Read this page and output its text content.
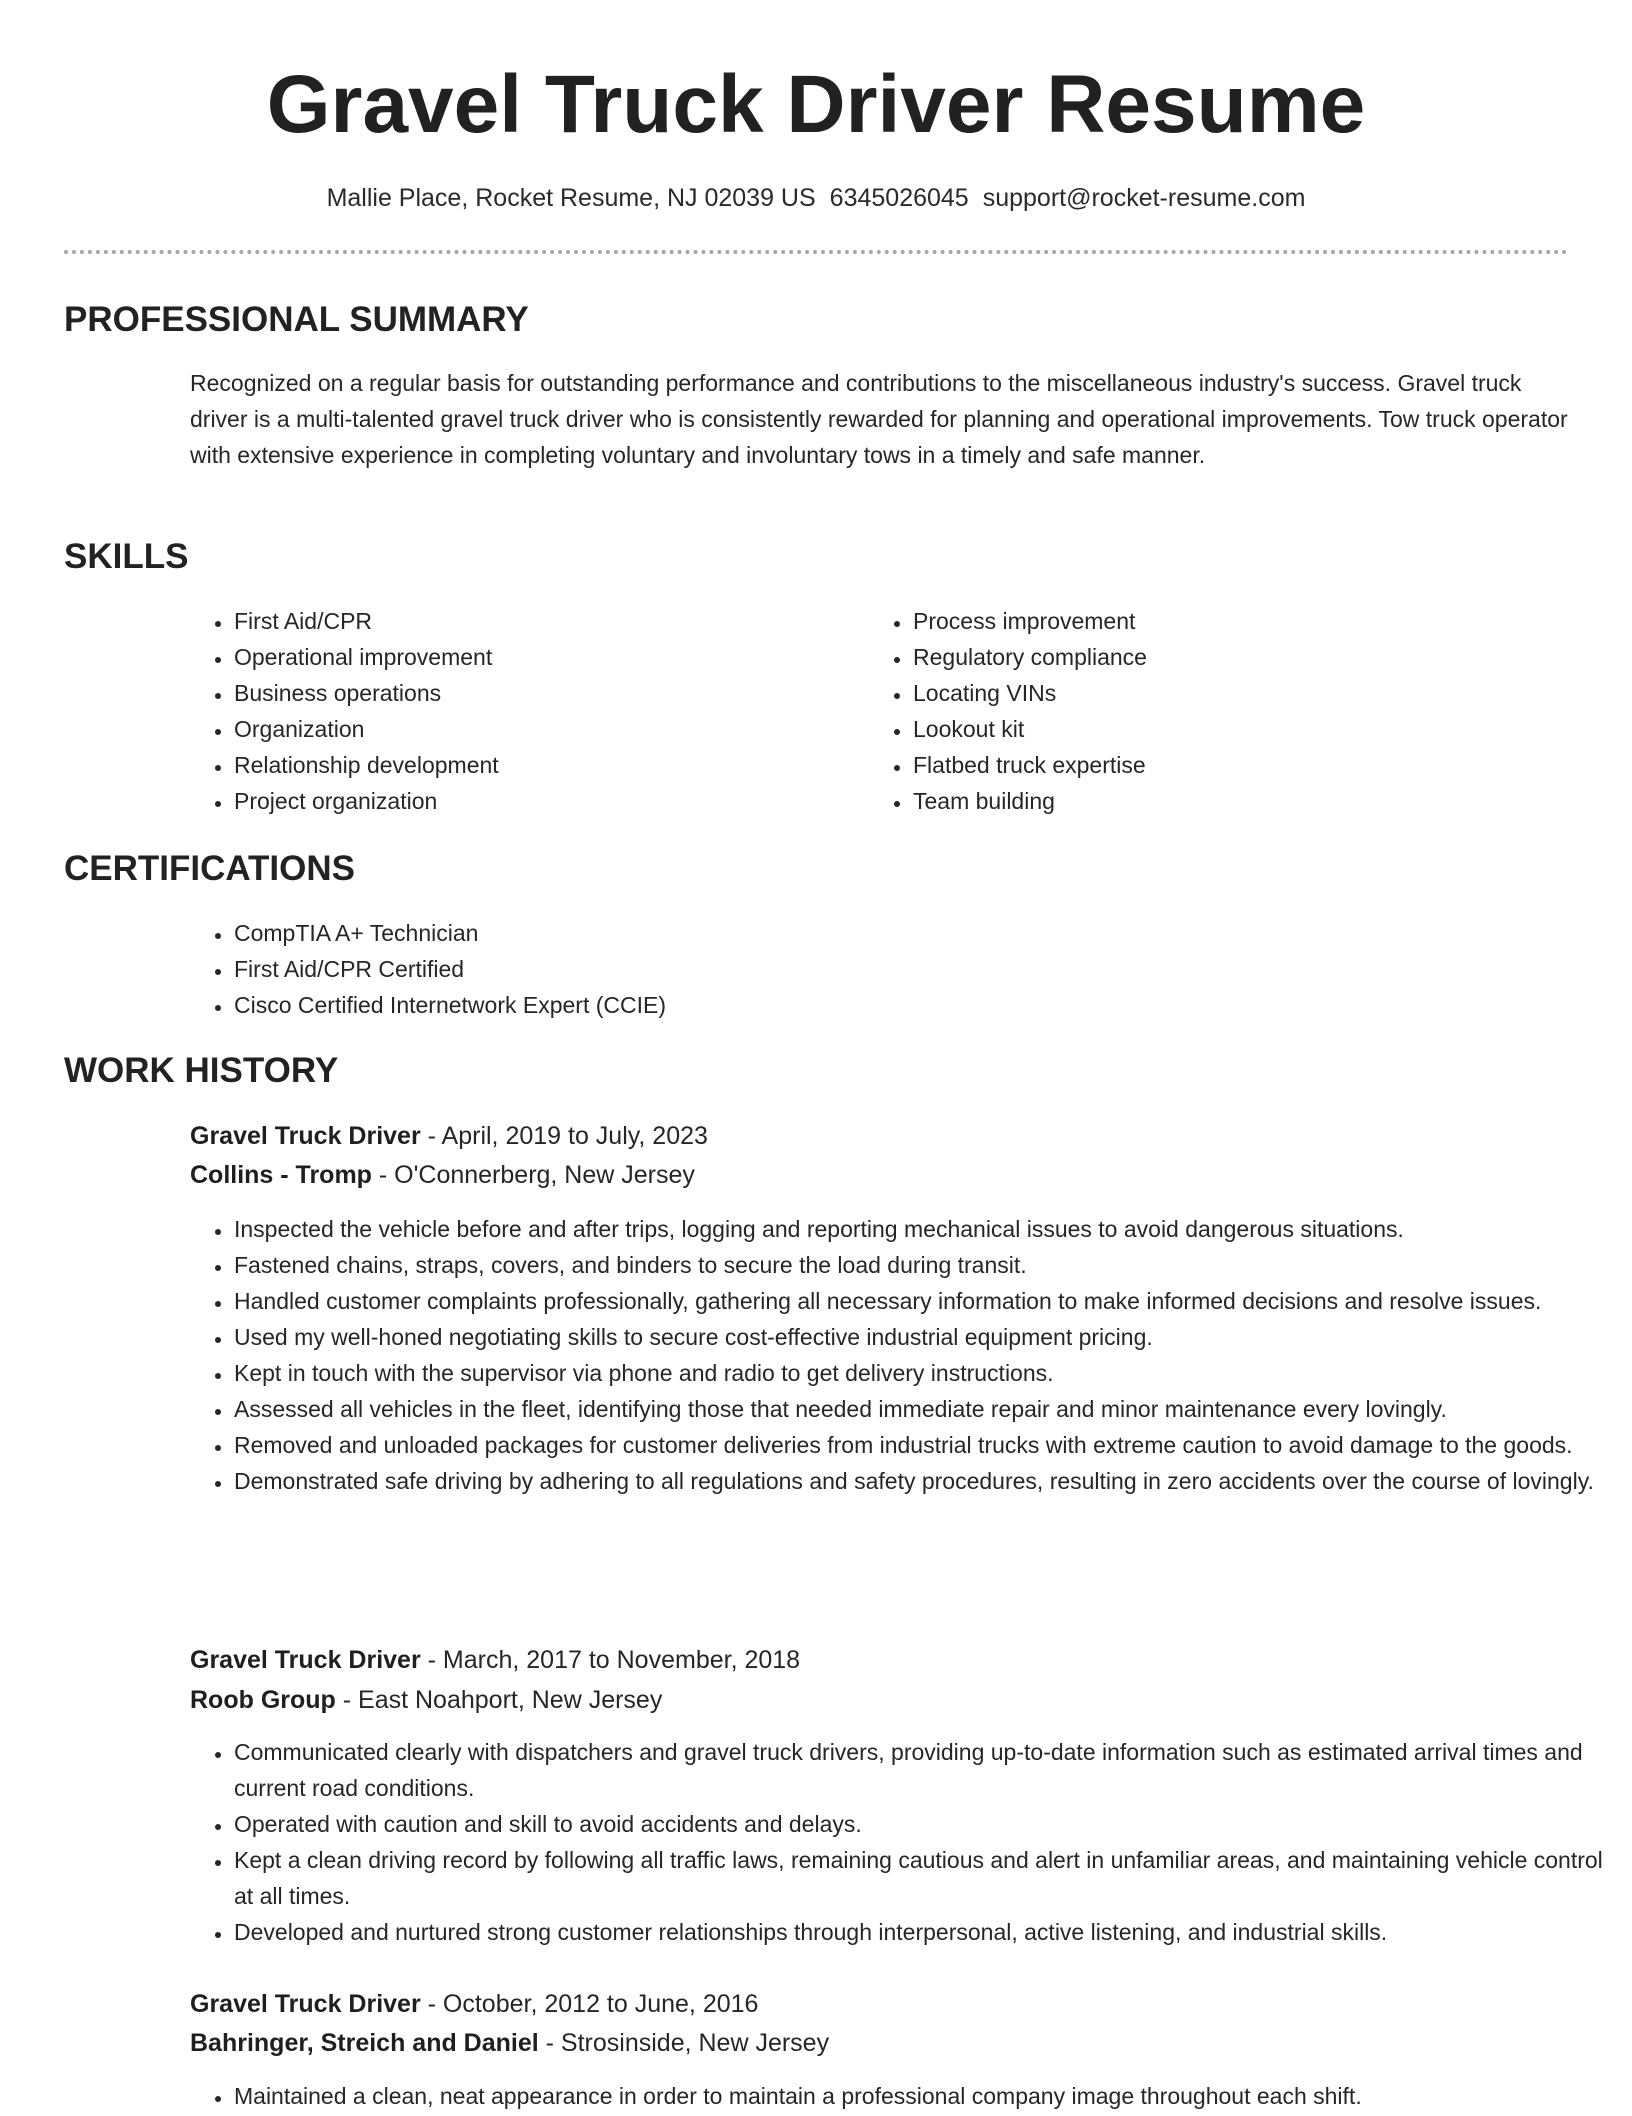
Gravel Truck Driver Resume
Mallie Place, Rocket Resume, NJ 02039 US 6345026045 support@rocket-resume.com
PROFESSIONAL SUMMARY

Recognized on a regular basis for outstanding performance and contributions to the miscellaneous industry's success. Gravel truck driver is a multi-talented gravel truck driver who is consistently rewarded for planning and operational improvements. Tow truck operator with extensive experience in completing voluntary and involuntary tows in a timely and safe manner.

SKILLS
• First Aid/CPR
• Operational improvement
• Business operations
• Organization
• Relationship development
• Project organization
• Process improvement
• Regulatory compliance
• Locating VINs
• Lookout kit
• Flatbed truck expertise
• Team building
CERTIFICATIONS
• CompTIA A+ Technician
• First Aid/CPR Certified
• Cisco Certified Internetwork Expert (CCIE)
WORK HISTORY
Gravel Truck Driver - April, 2019 to July, 2023
Collins - Tromp - O'Connerberg, New Jersey
• Inspected the vehicle before and after trips, logging and reporting mechanical issues to avoid dangerous situations.
• Fastened chains, straps, covers, and binders to secure the load during transit.
• Handled customer complaints professionally, gathering all necessary information to make informed decisions and resolve issues.
• Used my well-honed negotiating skills to secure cost-effective industrial equipment pricing.
• Kept in touch with the supervisor via phone and radio to get delivery instructions.
• Assessed all vehicles in the fleet, identifying those that needed immediate repair and minor maintenance every lovingly.
• Removed and unloaded packages for customer deliveries from industrial trucks with extreme caution to avoid damage to the goods.
• Demonstrated safe driving by adhering to all regulations and safety procedures, resulting in zero accidents over the course of lovingly.
Gravel Truck Driver - March, 2017 to November, 2018
Roob Group - East Noahport, New Jersey
• Communicated clearly with dispatchers and gravel truck drivers, providing up-to-date information such as estimated arrival times and current road conditions.
• Operated with caution and skill to avoid accidents and delays.
• Kept a clean driving record by following all traffic laws, remaining cautious and alert in unfamiliar areas, and maintaining vehicle control at all times.
• Developed and nurtured strong customer relationships through interpersonal, active listening, and industrial skills.
Gravel Truck Driver - October, 2012 to June, 2016
Bahringer, Streich and Daniel - Strosinside, New Jersey
• Maintained a clean, neat appearance in order to maintain a professional company image throughout each shift.
